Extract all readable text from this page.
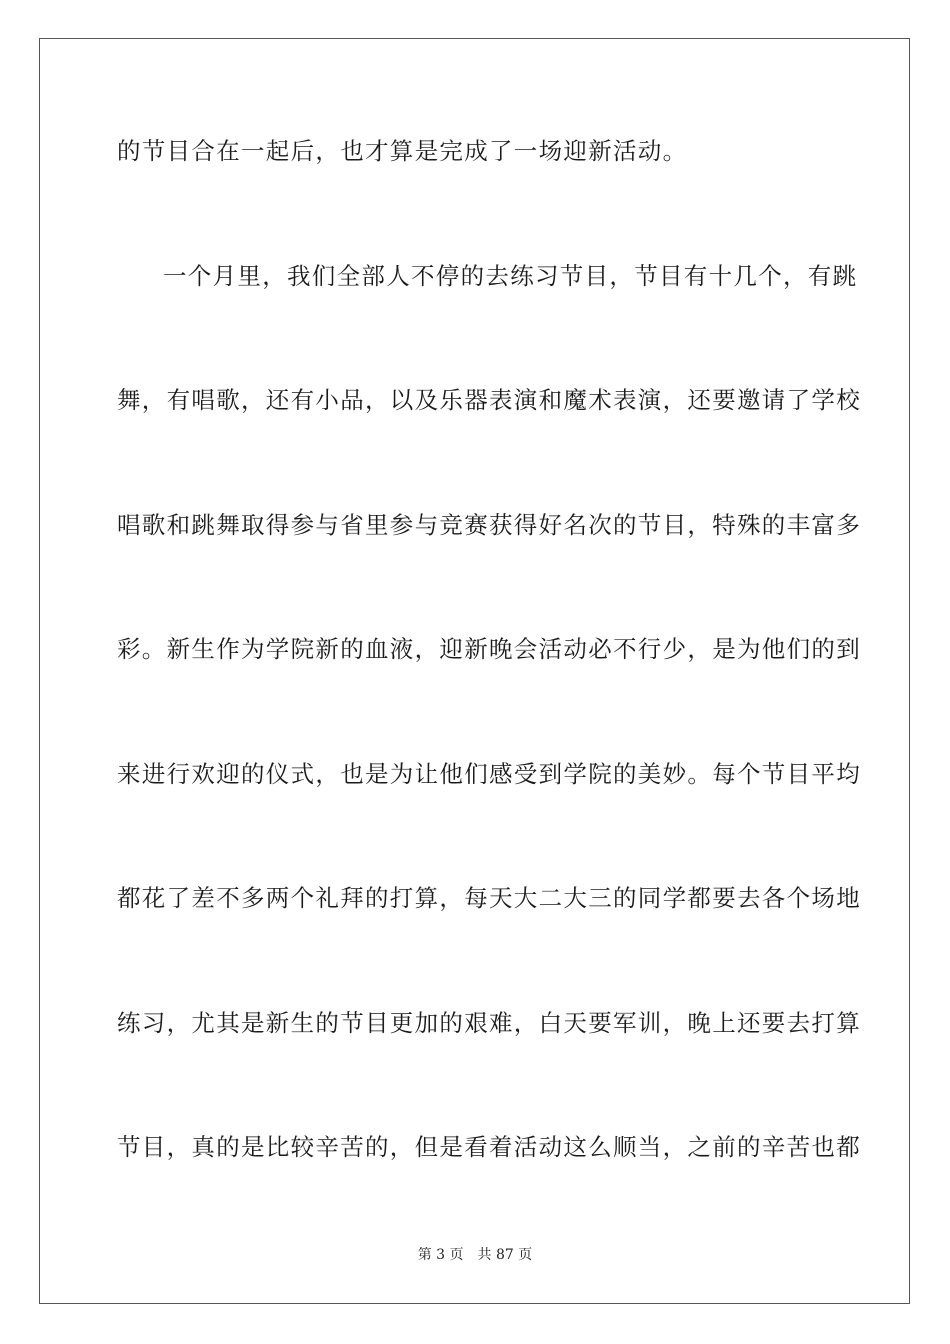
的节目合在一起后，也才算是完成了一场迎新活动。
一个月里，我们全部人不停的去练习节目，节目有十几个，有跳
舞，有唱歌，还有小品，以及乐器表演和魔术表演，还要邀请了学校
唱歌和跳舞取得参与省里参与竞赛获得好名次的节目，特殊的丰富多
彩。新生作为学院新的血液，迎新晚会活动必不行少，是为他们的到
来进行欢迎的仪式，也是为让他们感受到学院的美妙。每个节目平均
都花了差不多两个礼拜的打算，每天大二大三的同学都要去各个场地
练习，尤其是新生的节目更加的艰难，白天要军训，晚上还要去打算
节目，真的是比较辛苦的，但是看着活动这么顺当，之前的辛苦也都
第 3 页 共 87 页
